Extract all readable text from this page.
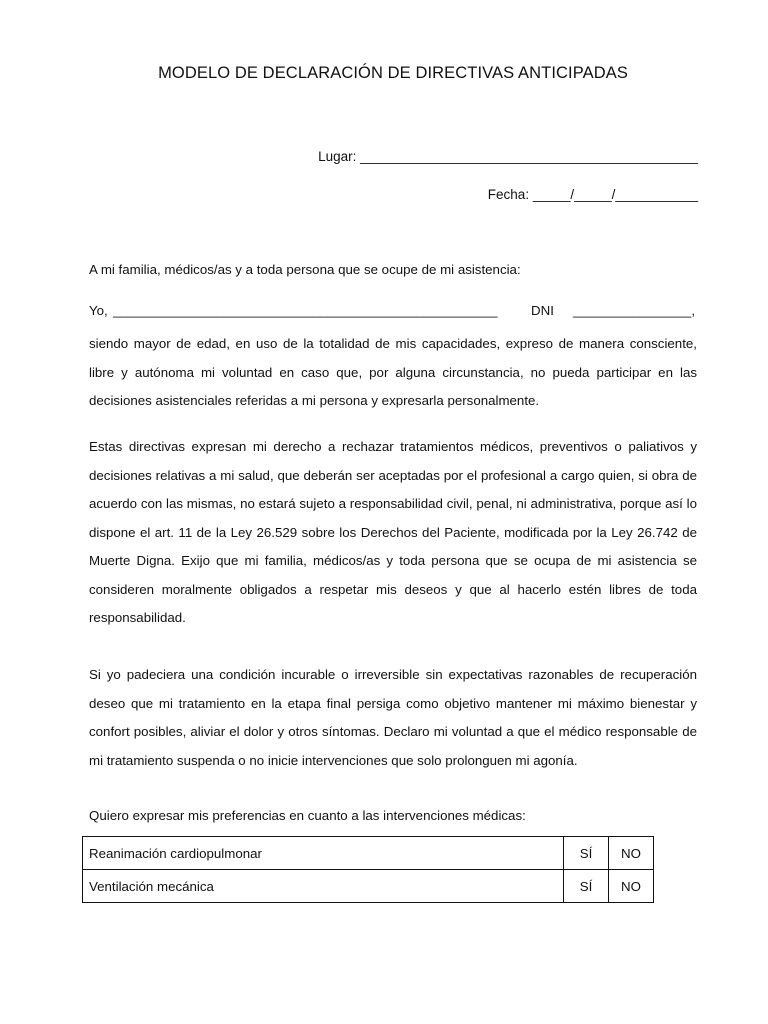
MODELO DE DECLARACIÓN DE DIRECTIVAS ANTICIPADAS
Lugar: _____________________________________________
Fecha: _____/_____/___________
A mi familia, médicos/as y a toda persona que se ocupe de mi asistencia:
Yo, ____________________________________________________	DNI ________________,
siendo mayor de edad, en uso de la totalidad de mis capacidades, expreso de manera consciente, libre y autónoma mi voluntad en caso que, por alguna circunstancia, no pueda participar en las decisiones asistenciales referidas a mi persona y expresarla personalmente.
Estas directivas expresan mi derecho a rechazar tratamientos médicos, preventivos o paliativos y decisiones relativas a mi salud, que deberán ser aceptadas por el profesional a cargo quien, si obra de acuerdo con las mismas, no estará sujeto a responsabilidad civil, penal, ni administrativa, porque así lo dispone el art. 11 de la Ley 26.529 sobre los Derechos del Paciente, modificada por la Ley 26.742 de Muerte Digna. Exijo que mi familia, médicos/as y toda persona que se ocupa de mi asistencia se consideren moralmente obligados a respetar mis deseos y que al hacerlo estén libres de toda responsabilidad.
Si yo padeciera una condición incurable o irreversible sin expectativas razonables de recuperación deseo que mi tratamiento en la etapa final persiga como objetivo mantener mi máximo bienestar y confort posibles, aliviar el dolor y otros síntomas. Declaro mi voluntad a que el médico responsable de mi tratamiento suspenda o no inicie intervenciones que solo prolonguen mi agonía.
Quiero expresar mis preferencias en cuanto a las intervenciones médicas:
Reanimación cardiopulmonar	SÍ	NO
Ventilación mecánica	SÍ	NO
